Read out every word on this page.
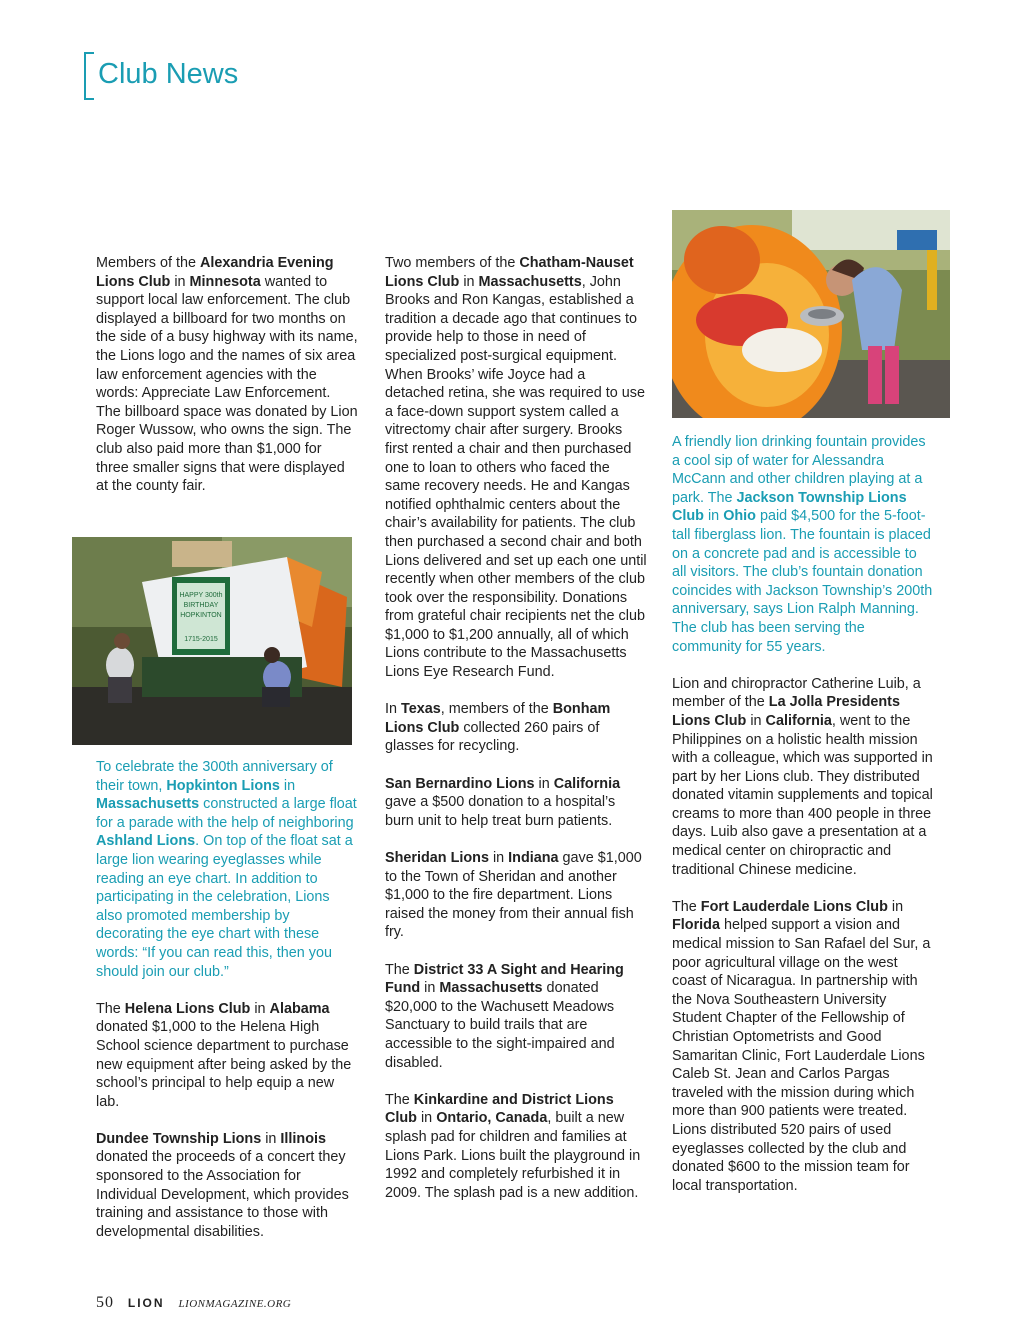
Club News

Members of the Alexandria Evening Lions Club in Minnesota wanted to support local law enforcement. The club displayed a billboard for two months on the side of a busy highway with its name, the Lions logo and the names of six area law enforcement agencies with the words: Appreciate Law Enforcement. The billboard space was donated by Lion Roger Wussow, who owns the sign. The club also paid more than $1,000 for three smaller signs that were displayed at the county fair.

HAPPY 300th
BIRTHDAY
HOPKINTON
1715-2015

To celebrate the 300th anniversary of their town, Hopkinton Lions in Massachusetts constructed a large float for a parade with the help of neighboring Ashland Lions. On top of the float sat a large lion wearing eyeglasses while reading an eye chart. In addition to participating in the celebration, Lions also promoted membership by decorating the eye chart with these words: “If you can read this, then you should join our club.”

The Helena Lions Club in Alabama donated $1,000 to the Helena High School science department to purchase new equipment after being asked by the school’s principal to help equip a new lab.

Dundee Township Lions in Illinois donated the proceeds of a concert they sponsored to the Association for Individual Development, which provides training and assistance to those with developmental disabilities.

Two members of the Chatham-Nauset Lions Club in Massachusetts, John Brooks and Ron Kangas, established a tradition a decade ago that continues to provide help to those in need of specialized post-surgical equipment. When Brooks’ wife Joyce had a detached retina, she was required to use a face-down support system called a vitrectomy chair after surgery. Brooks first rented a chair and then purchased one to loan to others who faced the same recovery needs. He and Kangas notified ophthalmic centers about the chair’s availability for patients. The club then purchased a second chair and both Lions delivered and set up each one until recently when other members of the club took over the responsibility. Donations from grateful chair recipients net the club $1,000 to $1,200 annually, all of which Lions contribute to the Massachusetts Lions Eye Research Fund.

In Texas, members of the Bonham Lions Club collected 260 pairs of glasses for recycling.

San Bernardino Lions in California gave a $500 donation to a hospital’s burn unit to help treat burn patients.

Sheridan Lions in Indiana gave $1,000 to the Town of Sheridan and another $1,000 to the fire department. Lions raised the money from their annual fish fry.

The District 33 A Sight and Hearing Fund in Massachusetts donated $20,000 to the Wachusett Meadows Sanctuary to build trails that are accessible to the sight-impaired and disabled.

The Kinkardine and District Lions Club in Ontario, Canada, built a new splash pad for children and families at Lions Park. Lions built the playground in 1992 and completely refurbished it in 2009. The splash pad is a new addition.

A friendly lion drinking fountain provides a cool sip of water for Alessandra McCann and other children playing at a park. The Jackson Township Lions Club in Ohio paid $4,500 for the 5-foot-tall fiberglass lion. The fountain is placed on a concrete pad and is accessible to all visitors. The club’s fountain donation coincides with Jackson Township’s 200th anniversary, says Lion Ralph Manning. The club has been serving the community for 55 years.

Lion and chiropractor Catherine Luib, a member of the La Jolla Presidents Lions Club in California, went to the Philippines on a holistic health mission with a colleague, which was supported in part by her Lions club. They distributed donated vitamin supplements and topical creams to more than 400 people in three days. Luib also gave a presentation at a medical center on chiropractic and traditional Chinese medicine.

The Fort Lauderdale Lions Club in Florida helped support a vision and medical mission to San Rafael del Sur, a poor agricultural village on the west coast of Nicaragua. In partnership with the Nova Southeastern University Student Chapter of the Fellowship of Christian Optometrists and Good Samaritan Clinic, Fort Lauderdale Lions Caleb St. Jean and Carlos Pargas traveled with the mission during which more than 900 patients were treated. Lions distributed 520 pairs of used eyeglasses collected by the club and donated $600 to the mission team for local transportation.

50 LION LIONMAGAZINE.ORG
